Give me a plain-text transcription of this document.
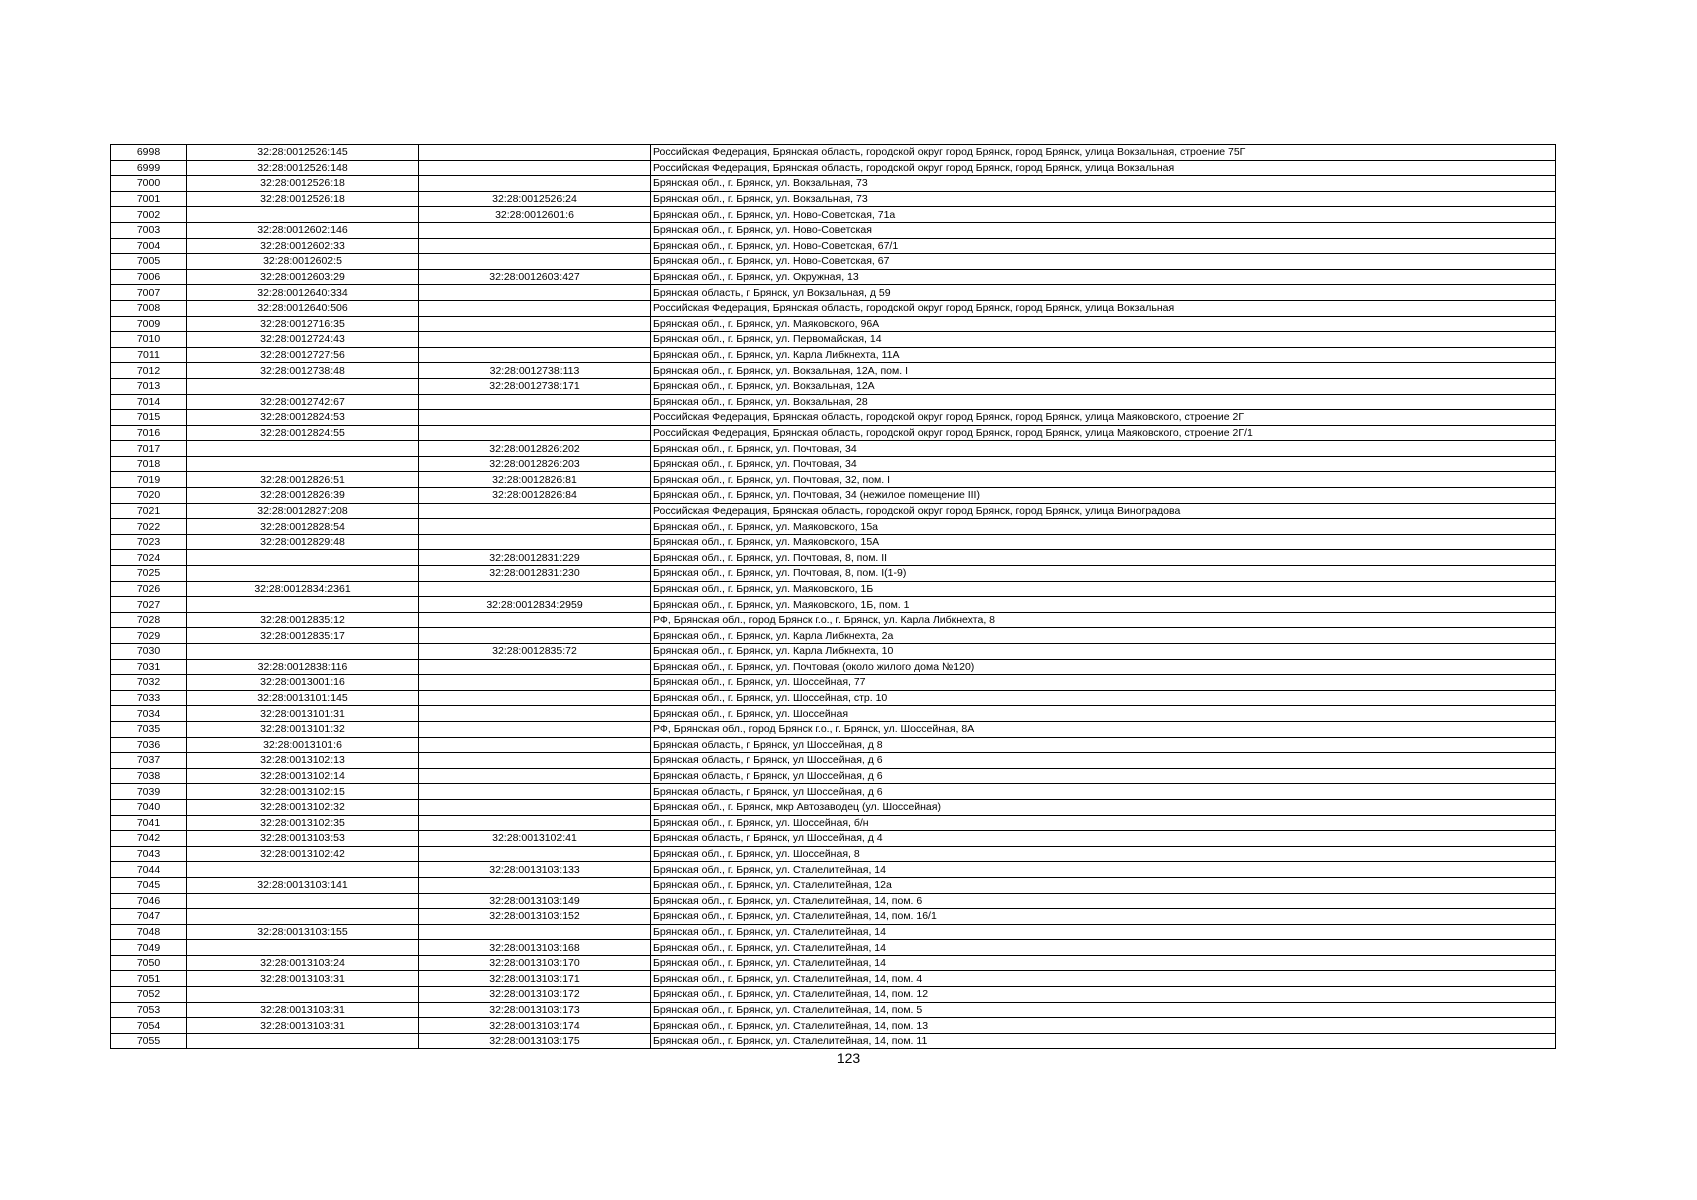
6998	32:28:0012526:145		Российская Федерация, Брянская область, городской округ город Брянск, город Брянск, улица Вокзальная, строение 75Г
6999	32:28:0012526:148		Российская Федерация, Брянская область, городской округ город Брянск, город Брянск, улица Вокзальная
7000	32:28:0012526:18		Брянская обл., г. Брянск, ул. Вокзальная, 73
7001	32:28:0012526:18	32:28:0012526:24	Брянская обл., г. Брянск, ул. Вокзальная, 73
7002		32:28:0012601:6	Брянская обл., г. Брянск, ул. Ново-Советская, 71а
7003	32:28:0012602:146		Брянская обл., г. Брянск, ул. Ново-Советская
7004	32:28:0012602:33		Брянская обл., г. Брянск, ул. Ново-Советская, 67/1
7005	32:28:0012602:5		Брянская обл., г. Брянск, ул. Ново-Советская, 67
7006	32:28:0012603:29	32:28:0012603:427	Брянская обл., г. Брянск, ул. Окружная, 13
7007	32:28:0012640:334		Брянская область, г Брянск, ул Вокзальная, д 59
7008	32:28:0012640:506		Российская Федерация, Брянская область, городской округ город Брянск, город Брянск, улица Вокзальная
7009	32:28:0012716:35		Брянская обл., г. Брянск, ул. Маяковского, 96А
7010	32:28:0012724:43		Брянская обл., г. Брянск, ул. Первомайская, 14
7011	32:28:0012727:56		Брянская обл., г. Брянск, ул. Карла Либкнехта, 11А
7012	32:28:0012738:48	32:28:0012738:113	Брянская обл., г. Брянск, ул. Вокзальная, 12А, пом. I
7013		32:28:0012738:171	Брянская обл., г. Брянск, ул. Вокзальная, 12А
7014	32:28:0012742:67		Брянская обл., г. Брянск, ул. Вокзальная, 28
7015	32:28:0012824:53		Российская Федерация, Брянская область, городской округ город Брянск, город Брянск, улица Маяковского, строение 2Г
7016	32:28:0012824:55		Российская Федерация, Брянская область, городской округ город Брянск, город Брянск, улица Маяковского, строение 2Г/1
7017		32:28:0012826:202	Брянская обл., г. Брянск, ул. Почтовая, 34
7018		32:28:0012826:203	Брянская обл., г. Брянск, ул. Почтовая, 34
7019	32:28:0012826:51	32:28:0012826:81	Брянская обл., г. Брянск, ул. Почтовая, 32, пом. I
7020	32:28:0012826:39	32:28:0012826:84	Брянская обл., г. Брянск, ул. Почтовая, 34 (нежилое помещение III)
7021	32:28:0012827:208		Российская Федерация, Брянская область, городской округ город Брянск, город Брянск, улица Виноградова
7022	32:28:0012828:54		Брянская обл., г. Брянск, ул. Маяковского, 15а
7023	32:28:0012829:48		Брянская обл., г. Брянск, ул. Маяковского, 15А
7024		32:28:0012831:229	Брянская обл., г. Брянск, ул. Почтовая, 8, пом. II
7025		32:28:0012831:230	Брянская обл., г. Брянск, ул. Почтовая, 8, пом. I(1-9)
7026	32:28:0012834:2361		Брянская обл., г. Брянск, ул. Маяковского, 1Б
7027		32:28:0012834:2959	Брянская обл., г. Брянск, ул. Маяковского, 1Б, пом. 1
7028	32:28:0012835:12		РФ, Брянская обл., город Брянск г.о., г. Брянск, ул. Карла Либкнехта, 8
7029	32:28:0012835:17		Брянская обл., г. Брянск, ул. Карла Либкнехта, 2а
7030		32:28:0012835:72	Брянская обл., г. Брянск, ул. Карла Либкнехта, 10
7031	32:28:0012838:116		Брянская обл., г. Брянск, ул. Почтовая (около жилого дома №120)
7032	32:28:0013001:16		Брянская обл., г. Брянск, ул. Шоссейная, 77
7033	32:28:0013101:145		Брянская обл., г. Брянск, ул. Шоссейная, стр. 10
7034	32:28:0013101:31		Брянская обл., г. Брянск, ул. Шоссейная
7035	32:28:0013101:32		РФ, Брянская обл., город Брянск г.о., г. Брянск, ул. Шоссейная, 8А
7036	32:28:0013101:6		Брянская область, г Брянск, ул Шоссейная, д 8
7037	32:28:0013102:13		Брянская область, г Брянск, ул Шоссейная, д 6
7038	32:28:0013102:14		Брянская область, г Брянск, ул Шоссейная, д 6
7039	32:28:0013102:15		Брянская область, г Брянск, ул Шоссейная, д 6
7040	32:28:0013102:32		Брянская обл., г. Брянск, мкр Автозаводец (ул. Шоссейная)
7041	32:28:0013102:35		Брянская обл., г. Брянск, ул. Шоссейная, б/н
7042	32:28:0013103:53	32:28:0013102:41	Брянская область, г Брянск, ул Шоссейная, д 4
7043	32:28:0013102:42		Брянская обл., г. Брянск, ул. Шоссейная, 8
7044		32:28:0013103:133	Брянская обл., г. Брянск, ул. Сталелитейная, 14
7045	32:28:0013103:141		Брянская обл., г. Брянск, ул. Сталелитейная, 12а
7046		32:28:0013103:149	Брянская обл., г. Брянск, ул. Сталелитейная, 14, пом. 6
7047		32:28:0013103:152	Брянская обл., г. Брянск, ул. Сталелитейная, 14, пом. 16/1
7048	32:28:0013103:155		Брянская обл., г. Брянск, ул. Сталелитейная, 14
7049		32:28:0013103:168	Брянская обл., г. Брянск, ул. Сталелитейная, 14
7050	32:28:0013103:24	32:28:0013103:170	Брянская обл., г. Брянск, ул. Сталелитейная, 14
7051	32:28:0013103:31	32:28:0013103:171	Брянская обл., г. Брянск, ул. Сталелитейная, 14, пом. 4
7052		32:28:0013103:172	Брянская обл., г. Брянск, ул. Сталелитейная, 14, пом. 12
7053	32:28:0013103:31	32:28:0013103:173	Брянская обл., г. Брянск, ул. Сталелитейная, 14, пом. 5
7054	32:28:0013103:31	32:28:0013103:174	Брянская обл., г. Брянск, ул. Сталелитейная, 14, пом. 13
7055		32:28:0013103:175	Брянская обл., г. Брянск, ул. Сталелитейная, 14, пом. 11
123
